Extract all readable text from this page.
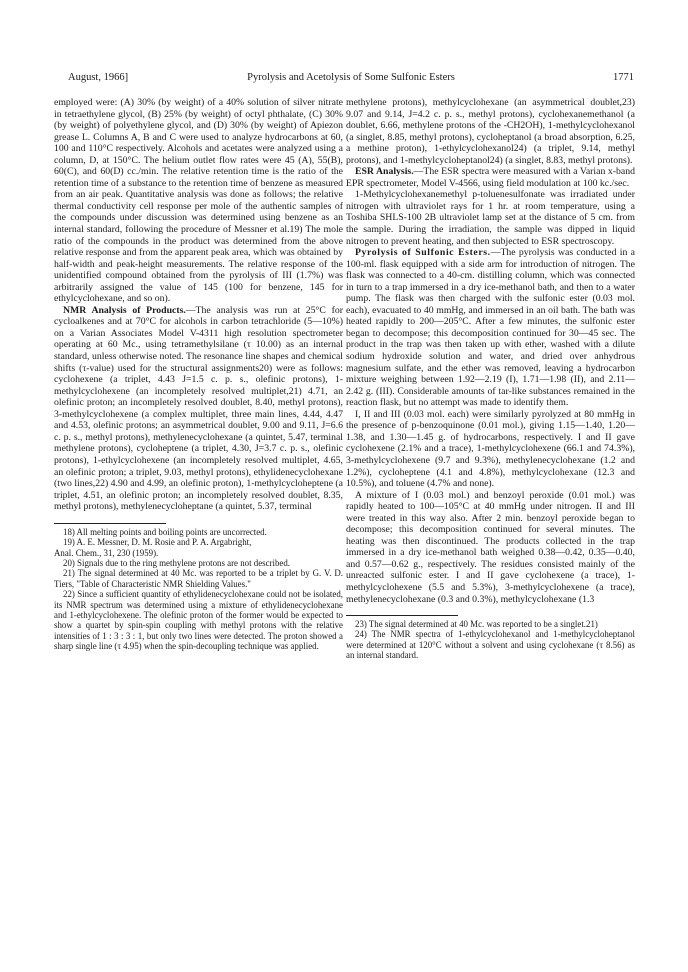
August, 1966]	Pyrolysis and Acetolysis of Some Sulfonic Esters	1771

employed were: (A) 30% (by weight) of a 40% solution of silver nitrate in tetraethylene glycol, (B) 25% (by weight) of octyl phthalate, (C) 30% (by weight) of polyethylene glycol, and (D) 30% (by weight) of Apiezon grease L. Columns A, B and C were used to analyze hydrocarbons at 60, 100 and 110°C respectively. Alcohols and acetates were analyzed using a column, D, at 150°C. The helium outlet flow rates were 45 (A), 55(B), 60(C), and 60(D) cc./min. The relative retention time is the ratio of the retention time of a substance to the retention time of benzene as measured from an air peak. Quantitative analysis was done as follows; the relative thermal conductivity cell response per mole of the authentic samples of the compounds under discussion was determined using benzene as an internal standard, following the procedure of Messner et al.19) The mole ratio of the compounds in the product was determined from the above relative response and from the apparent peak area, which was obtained by half-width and peak-height measurements. The relative response of the unidentified compound obtained from the pyrolysis of III (1.7%) was arbitrarily assigned the value of 145 (100 for benzene, 145 for ethylcyclohexane, and so on).

NMR Analysis of Products.—The analysis was run at 25°C for cycloalkenes and at 70°C for alcohols in carbon tetrachloride (5—10%) on a Varian Associates Model V-4311 high resolution spectrometer operating at 60 Mc., using tetramethylsilane (τ 10.00) as an internal standard, unless otherwise noted. The resonance line shapes and chemical shifts (τ-value) used for the structural assignments20) were as follows: cyclohexene (a triplet, 4.43 J=1.5 c. p. s., olefinic protons), 1-methylcyclohexene (an incompletely resolved multiplet,21) 4.71, an olefinic proton; an incompletely resolved doublet, 8.40, methyl protons), 3-methylcyclohexene (a complex multiplet, three main lines, 4.44, 4.47 and 4.53, olefinic protons; an asymmetrical doublet, 9.00 and 9.11, J=6.6 c. p. s., methyl protons), methylenecyclohexane (a quintet, 5.47, terminal methylene protons), cycloheptene (a triplet, 4.30, J=3.7 c. p. s., olefinic protons), 1-ethylcyclohexene (an incompletely resolved multiplet, 4.65, an olefinic proton; a triplet, 9.03, methyl protons), ethylidenecyclohexane (two lines,22) 4.90 and 4.99, an olefinic proton), 1-methylcycloheptene (a triplet, 4.51, an olefinic proton; an incompletely resolved doublet, 8.35, methyl protons), methylenecycloheptane (a quintet, 5.37, terminal

18) All melting points and boiling points are uncorrected.

19) A. E. Messner, D. M. Rosie and P. A. Argabright,

Anal. Chem., 31, 230 (1959).

20) Signals due to the ring methylene protons are not described.

21) The signal determined at 40 Mc. was reported to be a triplet by G. V. D. Tiers, "Table of Characteristic NMR Shielding Values."

22) Since a sufficient quantity of ethylidenecyclohexane could not be isolated, its NMR spectrum was determined using a mixture of ethylidenecyclohexane and 1-ethylcyclohexene. The olefinic proton of the former would be expected to show a quartet by spin-spin coupling with methyl protons with the relative intensities of 1 : 3 : 3 : 1, but only two lines were detected. The proton showed a sharp single line (τ 4.95) when the spin-decoupling technique was applied.

methylene protons), methylcyclohexane (an asymmetrical doublet,23) 9.07 and 9.14, J=4.2 c. p. s., methyl protons), cyclohexanemethanol (a doublet, 6.66, methylene protons of the -CH2OH), 1-methylcyclohexanol (a singlet, 8.85, methyl protons), cycloheptanol (a broad absorption, 6.25, a methine proton), 1-ethylcyclohexanol24) (a triplet, 9.14, methyl protons), and 1-methylcycloheptanol24) (a singlet, 8.83, methyl protons).

ESR Analysis.—The ESR spectra were measured with a Varian x-band EPR spectrometer, Model V-4566, using field modulation at 100 kc./sec.

1-Methylcyclohexanemethyl p-toluenesulfonate was irradiated under nitrogen with ultraviolet rays for 1 hr. at room temperature, using a Toshiba SHLS-100 2B ultraviolet lamp set at the distance of 5 cm. from the sample. During the irradiation, the sample was dipped in liquid nitrogen to prevent heating, and then subjected to ESR spectroscopy.

Pyrolysis of Sulfonic Esters.—The pyrolysis was conducted in a 100-ml. flask equipped with a side arm for introduction of nitrogen. The flask was connected to a 40-cm. distilling column, which was connected in turn to a trap immersed in a dry ice-methanol bath, and then to a water pump. The flask was then charged with the sulfonic ester (0.03 mol. each), evacuated to 40 mmHg, and immersed in an oil bath. The bath was heated rapidly to 200—205°C. After a few minutes, the sulfonic ester began to decompose; this decomposition continued for 30—45 sec. The product in the trap was then taken up with ether, washed with a dilute sodium hydroxide solution and water, and dried over anhydrous magnesium sulfate, and the ether was removed, leaving a hydrocarbon mixture weighing between 1.92—2.19 (I), 1.71—1.98 (II), and 2.11—2.42 g. (III). Considerable amounts of tar-like substances remained in the reaction flask, but no attempt was made to identify them.

I, II and III (0.03 mol. each) were similarly pyrolyzed at 80 mmHg in the presence of p-benzoquinone (0.01 mol.), giving 1.15—1.40, 1.20—1.38, and 1.30—1.45 g. of hydrocarbons, respectively. I and II gave cyclohexene (2.1% and a trace), 1-methylcyclohexene (66.1 and 74.3%), 3-methylcyclohexene (9.7 and 9.3%), methylenecyclohexane (1.2 and 1.2%), cycloheptene (4.1 and 4.8%), methylcyclohexane (12.3 and 10.5%), and toluene (4.7% and none).

A mixture of I (0.03 mol.) and benzoyl peroxide (0.01 mol.) was rapidly heated to 100—105°C at 40 mmHg under nitrogen. II and III were treated in this way also. After 2 min. benzoyl peroxide began to decompose; this decomposition continued for several minutes. The heating was then discontinued. The products collected in the trap immersed in a dry ice-methanol bath weighed 0.38—0.42, 0.35—0.40, and 0.57—0.62 g., respectively. The residues consisted mainly of the unreacted sulfonic ester. I and II gave cyclohexene (a trace), 1-methylcyclohexene (5.5 and 5.3%), 3-methylcyclohexene (a trace), methylenecyclohexane (0.3 and 0.3%), methylcyclohexane (1.3

23) The signal determined at 40 Mc. was reported to be a singlet.21)

24) The NMR spectra of 1-ethylcyclohexanol and 1-methylcycloheptanol were determined at 120°C without a solvent and using cyclohexane (τ 8.56) as an internal standard.
